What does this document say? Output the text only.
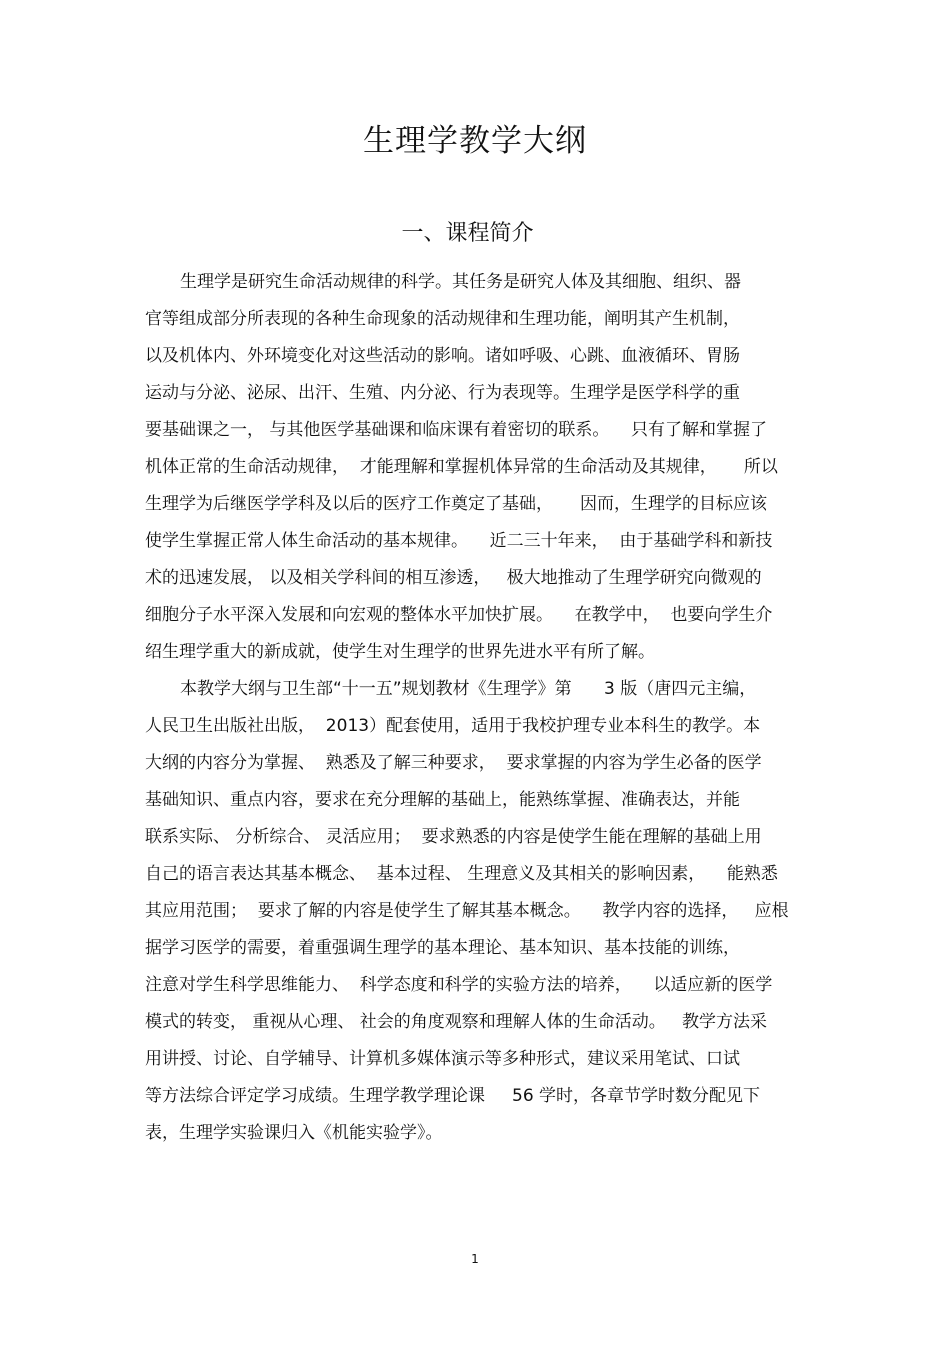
生理学教学大纲
一、课程简介
生理学是研究生命活动规律的科学。其任务是研究人体及其细胞、组织、器
官等组成部分所表现的各种生命现象的活动规律和生理功能，阐明其产生机制，
以及机体内、外环境变化对这些活动的影响。诸如呼吸、心跳、血液循环、胃肠
运动与分泌、泌尿、出汗、生殖、内分泌、行为表现等。生理学是医学科学的重
要基础课之一， 与其他医学基础课和临床课有着密切的联系。    只有了解和掌握了
机体正常的生命活动规律，  才能理解和掌握机体异常的生命活动及其规律，     所以
生理学为后继医学学科及以后的医疗工作奠定了基础，     因而，生理学的目标应该
使学生掌握正常人体生命活动的基本规律。    近二三十年来，  由于基础学科和新技
术的迅速发展， 以及相关学科间的相互渗透，   极大地推动了生理学研究向微观的
细胞分子水平深入发展和向宏观的整体水平加快扩展。    在教学中，  也要向学生介
绍生理学重大的新成就，使学生对生理学的世界先进水平有所了解。
本教学大纲与卫生部“十一五”规划教材《生理学》第      3 版（唐四元主编，
人民卫生出版社出版，  2013）配套使用，适用于我校护理专业本科生的教学。本
大纲的内容分为掌握、  熟悉及了解三种要求，  要求掌握的内容为学生必备的医学
基础知识、重点内容，要求在充分理解的基础上，能熟练掌握、准确表达，并能
联系实际、 分析综合、 灵活应用；  要求熟悉的内容是使学生能在理解的基础上用
自己的语言表达其基本概念、  基本过程、 生理意义及其相关的影响因素，    能熟悉
其应用范围；  要求了解的内容是使学生了解其基本概念。    教学内容的选择，   应根
据学习医学的需要，着重强调生理学的基本理论、基本知识、基本技能的训练，
注意对学生科学思维能力、  科学态度和科学的实验方法的培养，    以适应新的医学
模式的转变， 重视从心理、 社会的角度观察和理解人体的生命活动。   教学方法采
用讲授、讨论、自学辅导、计算机多媒体演示等多种形式，建议采用笔试、口试
等方法综合评定学习成绩。生理学教学理论课     56 学时，各章节学时数分配见下
表，生理学实验课归入《机能实验学》。
1
